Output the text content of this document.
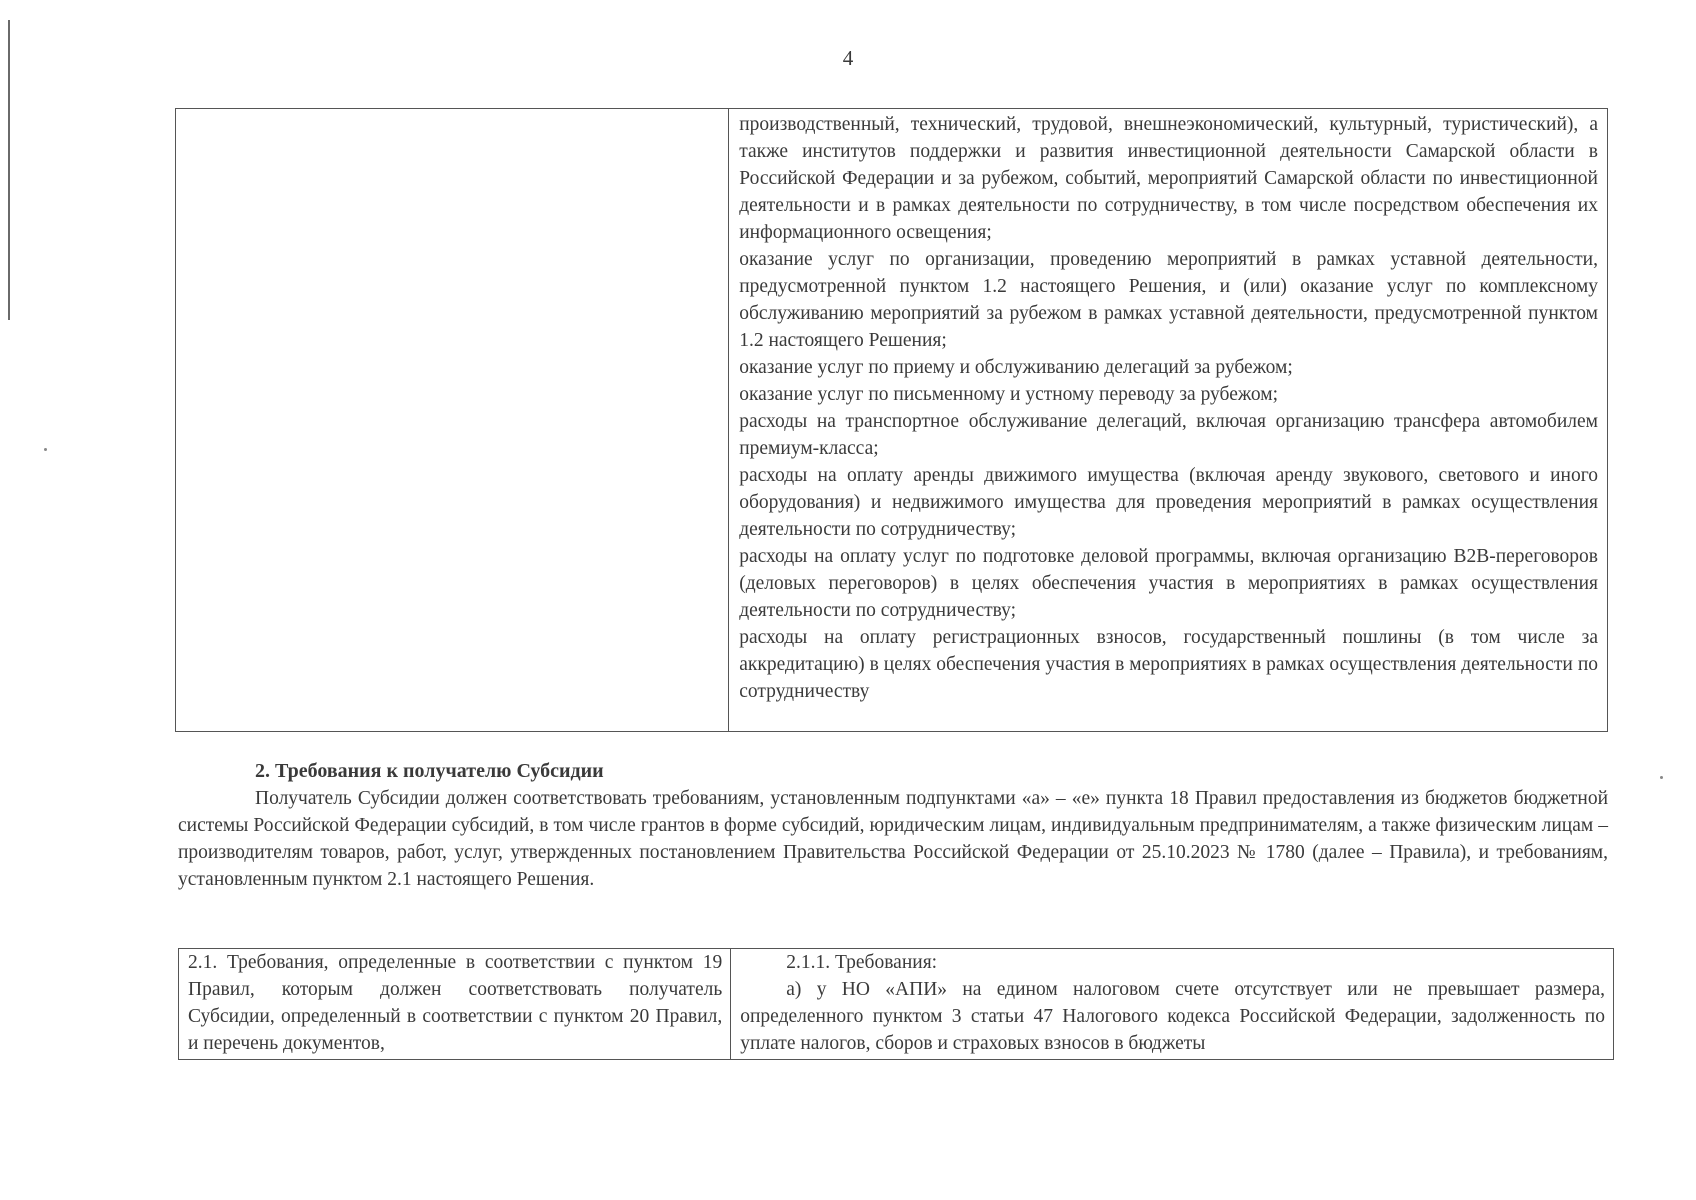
4

производственный, технический, трудовой, внешнеэкономический, культурный, туристический), а также институтов поддержки и развития инвестиционной деятельности Самарской области в Российской Федерации и за рубежом, событий, мероприятий Самарской области по инвестиционной деятельности и в рамках деятельности по сотрудничеству, в том числе посредством обеспечения их информационного освещения;

оказание услуг по организации, проведению мероприятий в рамках уставной деятельности, предусмотренной пунктом 1.2 настоящего Решения, и (или) оказание услуг по комплексному обслуживанию мероприятий за рубежом в рамках уставной деятельности, предусмотренной пунктом 1.2 настоящего Решения;

оказание услуг по приему и обслуживанию делегаций за рубежом;

оказание услуг по письменному и устному переводу за рубежом;

расходы на транспортное обслуживание делегаций, включая организацию трансфера автомобилем премиум-класса;

расходы на оплату аренды движимого имущества (включая аренду звукового, светового и иного оборудования) и недвижимого имущества для проведения мероприятий в рамках осуществления деятельности по сотрудничеству;

расходы на оплату услуг по подготовке деловой программы, включая организацию B2B-переговоров (деловых переговоров) в целях обеспечения участия в мероприятиях в рамках осуществления деятельности по сотрудничеству;

расходы на оплату регистрационных взносов, государственный пошлины (в том числе за аккредитацию) в целях обеспечения участия в мероприятиях в рамках осуществления деятельности по сотрудничеству

2. Требования к получателю Субсидии

Получатель Субсидии должен соответствовать требованиям, установленным подпунктами «а» – «е» пункта 18 Правил предоставления из бюджетов бюджетной системы Российской Федерации субсидий, в том числе грантов в форме субсидий, юридическим лицам, индивидуальным предпринимателям, а также физическим лицам – производителям товаров, работ, услуг, утвержденных постановлением Правительства Российской Федерации от 25.10.2023 № 1780 (далее – Правила), и требованиям, установленным пунктом 2.1 настоящего Решения.

2.1. Требования, определенные в соответствии с пунктом 19 Правил, которым должен соответствовать получатель Субсидии, определенный в соответствии с пунктом 20 Правил, и перечень документов,

2.1.1. Требования:

а) у НО «АПИ» на едином налоговом счете отсутствует или не превышает размера, определенного пунктом 3 статьи 47 Налогового кодекса Российской Федерации, задолженность по уплате налогов, сборов и страховых взносов в бюджеты
